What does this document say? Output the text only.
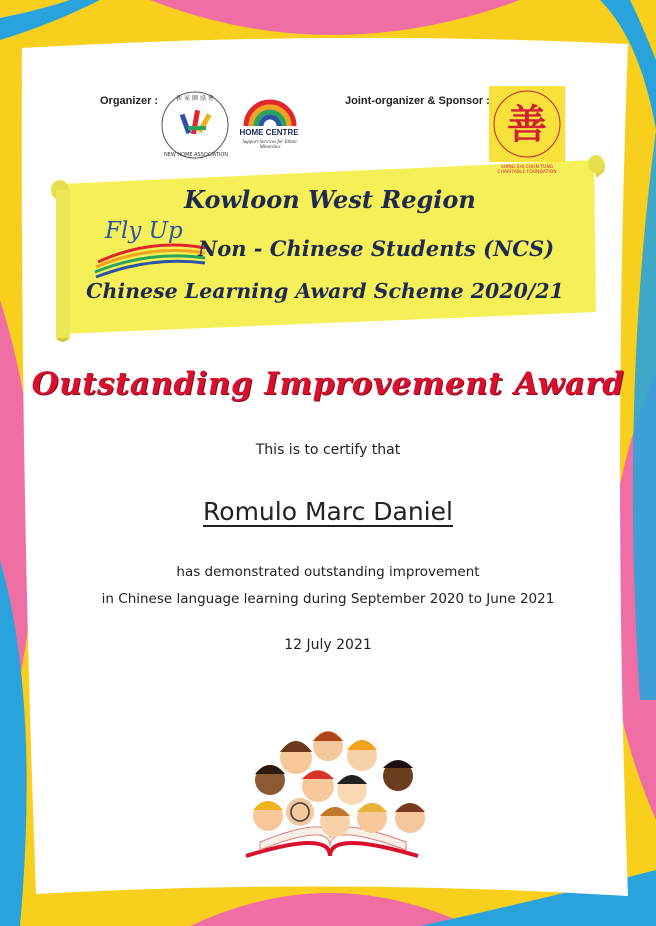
新 家 園 協 會
善
Organizer :	Joint-organizer & Sponsor :
NEW HOME ASSOCIATION
HOME CENTRE
Support Services for Ethnic Minorities
SHING SHI CHUN TUNG CHARITABLE FOUNDATION
Kowloon West Region
Fly Up
Non - Chinese Students (NCS)
Chinese Learning Award Scheme 2020/21
Outstanding Improvement Award
This is to certify that
Romulo Marc Daniel
has demonstrated outstanding improvement
in Chinese language learning during September 2020 to June 2021
12 July 2021
